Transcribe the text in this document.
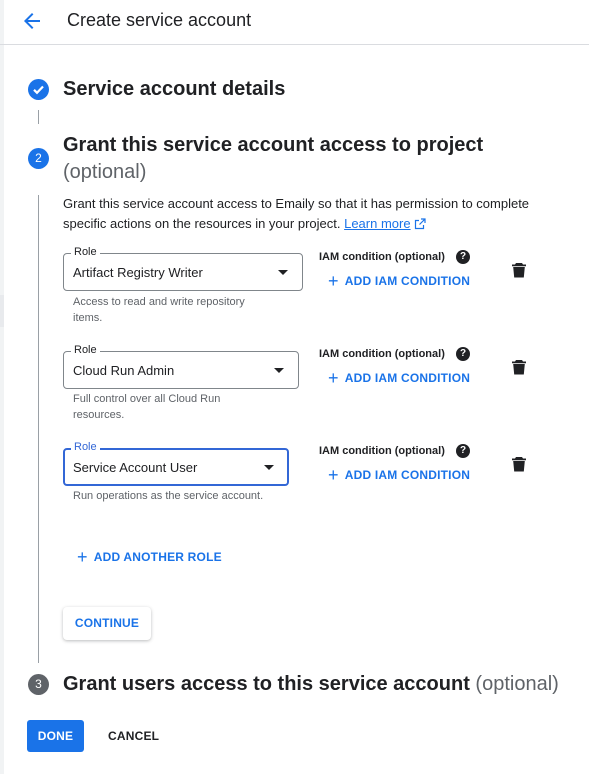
Create service account
Service account details
2
Grant this service account access to project
(optional)
Grant this service account access to Emaily so that it has permission to complete specific actions on the resources in your project. Learn more
Role
Artifact Registry Writer
Access to read and write repository items.
IAM condition (optional)	?
+ ADD IAM CONDITION
Role
Cloud Run Admin
Full control over all Cloud Run resources.
IAM condition (optional)	?
+ ADD IAM CONDITION
Role
Service Account User
Run operations as the service account.
IAM condition (optional)	?
+ ADD IAM CONDITION
+ ADD ANOTHER ROLE
CONTINUE
3	Grant users access to this service account (optional)
DONE	CANCEL
